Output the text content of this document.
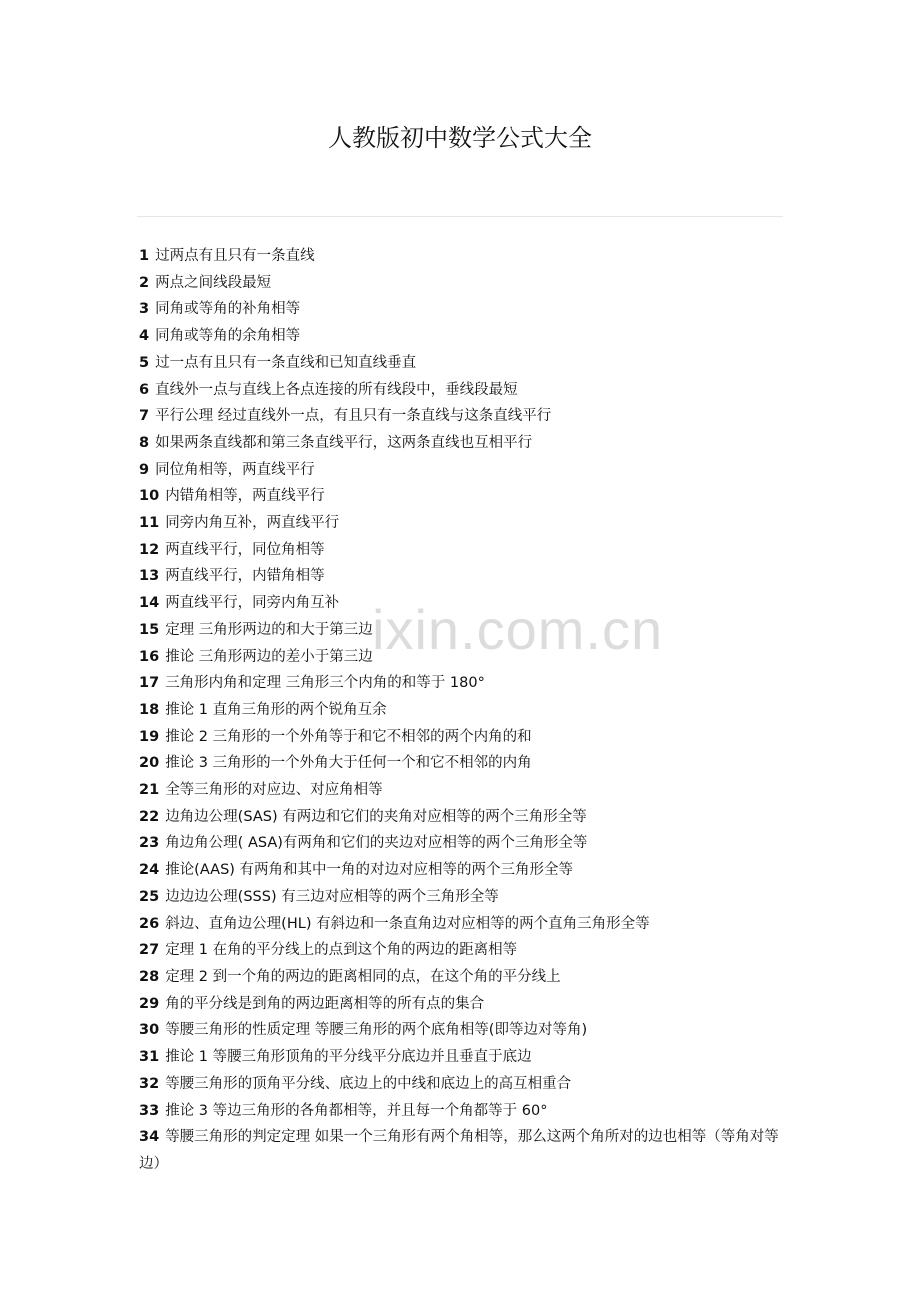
人教版初中数学公式大全
ixin.com.cn
1 过两点有且只有一条直线
2 两点之间线段最短
3 同角或等角的补角相等
4 同角或等角的余角相等
5 过一点有且只有一条直线和已知直线垂直
6 直线外一点与直线上各点连接的所有线段中，垂线段最短
7 平行公理 经过直线外一点，有且只有一条直线与这条直线平行
8 如果两条直线都和第三条直线平行，这两条直线也互相平行
9 同位角相等，两直线平行
10 内错角相等，两直线平行
11 同旁内角互补，两直线平行
12 两直线平行，同位角相等
13 两直线平行，内错角相等
14 两直线平行，同旁内角互补
15 定理 三角形两边的和大于第三边
16 推论 三角形两边的差小于第三边
17 三角形内角和定理 三角形三个内角的和等于 180°
18 推论 1 直角三角形的两个锐角互余
19 推论 2 三角形的一个外角等于和它不相邻的两个内角的和
20 推论 3 三角形的一个外角大于任何一个和它不相邻的内角
21 全等三角形的对应边、对应角相等
22 边角边公理(SAS) 有两边和它们的夹角对应相等的两个三角形全等
23 角边角公理( ASA)有两角和它们的夹边对应相等的两个三角形全等
24 推论(AAS) 有两角和其中一角的对边对应相等的两个三角形全等
25 边边边公理(SSS) 有三边对应相等的两个三角形全等
26 斜边、直角边公理(HL) 有斜边和一条直角边对应相等的两个直角三角形全等
27 定理 1 在角的平分线上的点到这个角的两边的距离相等
28 定理 2 到一个角的两边的距离相同的点，在这个角的平分线上
29 角的平分线是到角的两边距离相等的所有点的集合
30 等腰三角形的性质定理 等腰三角形的两个底角相等(即等边对等角)
31 推论 1 等腰三角形顶角的平分线平分底边并且垂直于底边
32 等腰三角形的顶角平分线、底边上的中线和底边上的高互相重合
33 推论 3 等边三角形的各角都相等，并且每一个角都等于 60°
34 等腰三角形的判定定理 如果一个三角形有两个角相等，那么这两个角所对的边也相等（等角对等边）
